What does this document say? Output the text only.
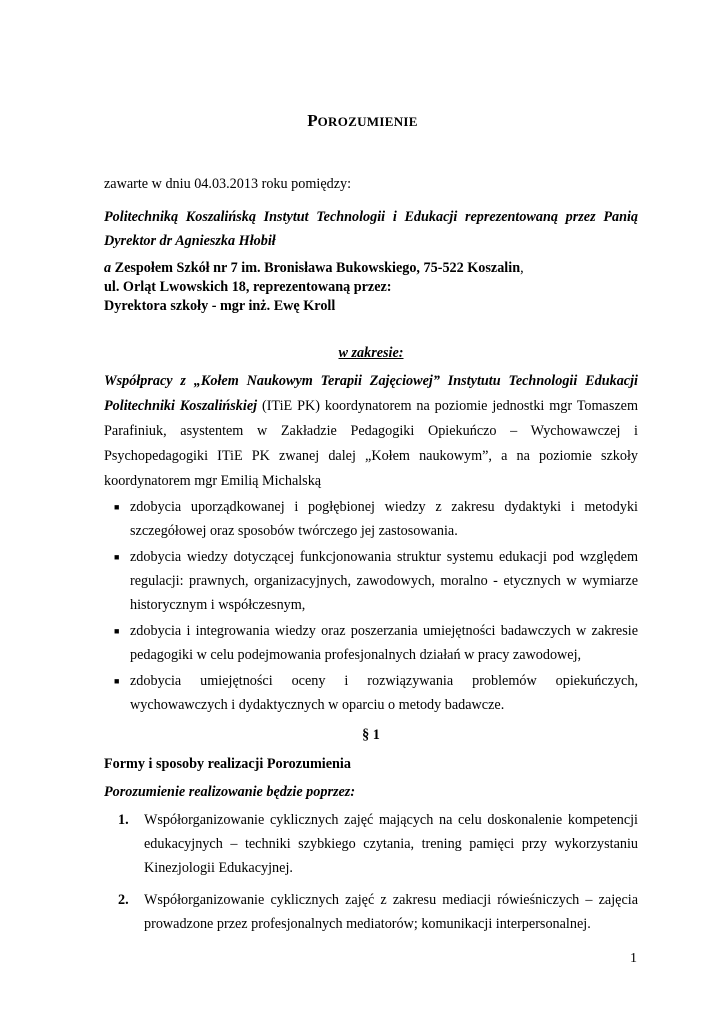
POROZUMIENIE
zawarte w dniu 04.03.2013 roku pomiędzy:
Politechniką Koszalińską Instytut Technologii i Edukacji reprezentowaną przez Panią Dyrektor dr Agnieszka Hłobił
a Zespołem Szkół nr 7 im. Bronisława Bukowskiego, 75-522 Koszalin,
ul. Orląt Lwowskich 18, reprezentowaną przez:
Dyrektora szkoły - mgr inż. Ewę Kroll
w zakresie:
Współpracy z „Kołem Naukowym Terapii Zajęciowej” Instytutu Technologii Edukacji Politechniki Koszalińskiej (ITiE PK) koordynatorem na poziomie jednostki mgr Tomaszem Parafiniuk, asystentem w Zakładzie Pedagogiki Opiekuńczo – Wychowawczej i Psychopedagogiki ITiE PK zwanej dalej „Kołem naukowym”, a na poziomie szkoły koordynatorem mgr Emilią Michalską
■ zdobycia uporządkowanej i pogłębionej wiedzy z zakresu dydaktyki i metodyki szczegółowej oraz sposobów twórczego jej zastosowania.
■ zdobycia wiedzy dotyczącej funkcjonowania struktur systemu edukacji pod względem regulacji: prawnych, organizacyjnych, zawodowych, moralno - etycznych w wymiarze historycznym i współczesnym,
■ zdobycia i integrowania wiedzy oraz poszerzania umiejętności badawczych w zakresie pedagogiki w celu podejmowania profesjonalnych działań w pracy zawodowej,
■ zdobycia umiejętności oceny i rozwiązywania problemów opiekuńczych, wychowawczych i dydaktycznych w oparciu o metody badawcze.
§ 1
Formy i sposoby realizacji Porozumienia
Porozumienie realizowanie będzie poprzez:
1. Współorganizowanie cyklicznych zajęć mających na celu doskonalenie kompetencji edukacyjnych – techniki szybkiego czytania, trening pamięci przy wykorzystaniu Kinezjologii Edukacyjnej.
2. Współorganizowanie cyklicznych zajęć z zakresu mediacji rówieśniczych – zajęcia prowadzone przez profesjonalnych mediatorów; komunikacji interpersonalnej.
1
